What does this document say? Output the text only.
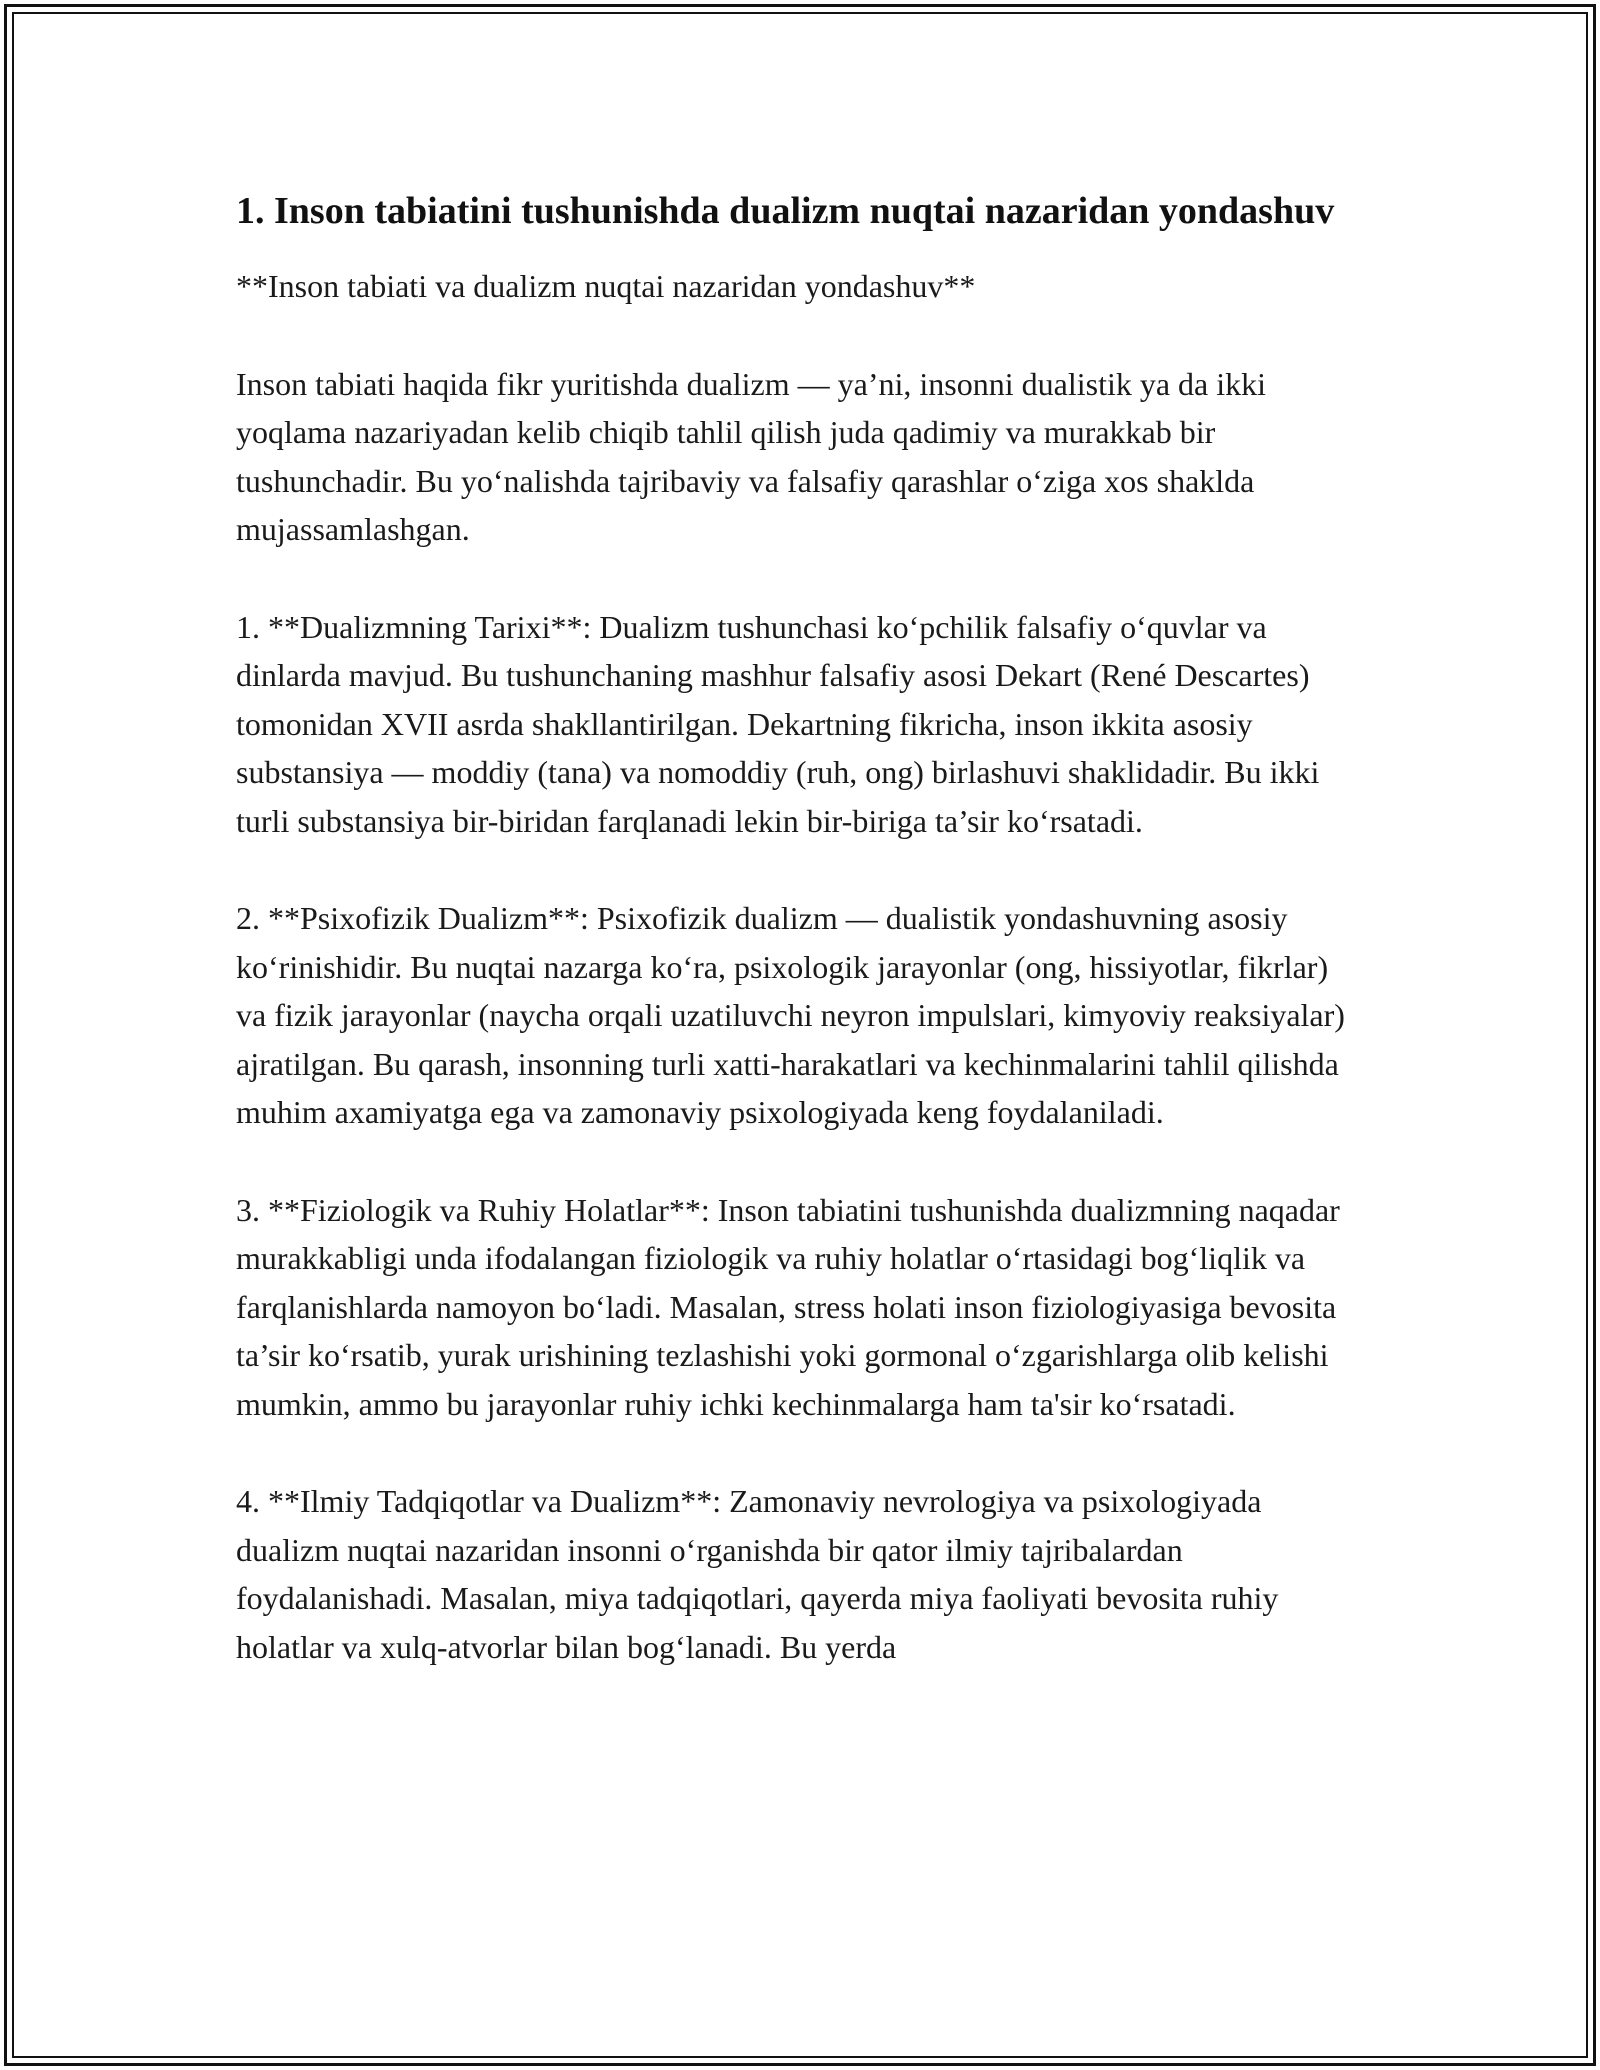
1. Inson tabiatini tushunishda dualizm nuqtai nazaridan yondashuv

**Inson tabiati va dualizm nuqtai nazaridan yondashuv**

Inson tabiati haqida fikr yuritishda dualizm — ya’ni, insonni dualistik ya da ikki yoqlama nazariyadan kelib chiqib tahlil qilish juda qadimiy va murakkab bir tushunchadir. Bu yoʻnalishda tajribaviy va falsafiy qarashlar oʻziga xos shaklda mujassamlashgan.

1. **Dualizmning Tarixi**: Dualizm tushunchasi koʻpchilik falsafiy oʻquvlar va dinlarda mavjud. Bu tushunchaning mashhur falsafiy asosi Dekart (René Descartes) tomonidan XVII asrda shakllantirilgan. Dekartning fikricha, inson ikkita asosiy substansiya — moddiy (tana) va nomoddiy (ruh, ong) birlashuvi shaklidadir. Bu ikki turli substansiya bir-biridan farqlanadi lekin bir-biriga ta’sir koʻrsatadi.

2. **Psixofizik Dualizm**: Psixofizik dualizm — dualistik yondashuvning asosiy koʻrinishidir. Bu nuqtai nazarga koʻra, psixologik jarayonlar (ong, hissiyotlar, fikrlar) va fizik jarayonlar (naycha orqali uzatiluvchi neyron impulslari, kimyoviy reaksiyalar) ajratilgan. Bu qarash, insonning turli xatti-harakatlari va kechinmalarini tahlil qilishda muhim axamiyatga ega va zamonaviy psixologiyada keng foydalaniladi.

3. **Fiziologik va Ruhiy Holatlar**: Inson tabiatini tushunishda dualizmning naqadar murakkabligi unda ifodalangan fiziologik va ruhiy holatlar oʻrtasidagi bogʻliqlik va farqlanishlarda namoyon boʻladi. Masalan, stress holati inson fiziologiyasiga bevosita ta’sir koʻrsatib, yurak urishining tezlashishi yoki gormonal oʻzgarishlarga olib kelishi mumkin, ammo bu jarayonlar ruhiy ichki kechinmalarga ham ta'sir koʻrsatadi.

4. **Ilmiy Tadqiqotlar va Dualizm**: Zamonaviy nevrologiya va psixologiyada dualizm nuqtai nazaridan insonni oʻrganishda bir qator ilmiy tajribalardan foydalanishadi. Masalan, miya tadqiqotlari, qayerda miya faoliyati bevosita ruhiy holatlar va xulq-atvorlar bilan bogʻlanadi. Bu yerda
